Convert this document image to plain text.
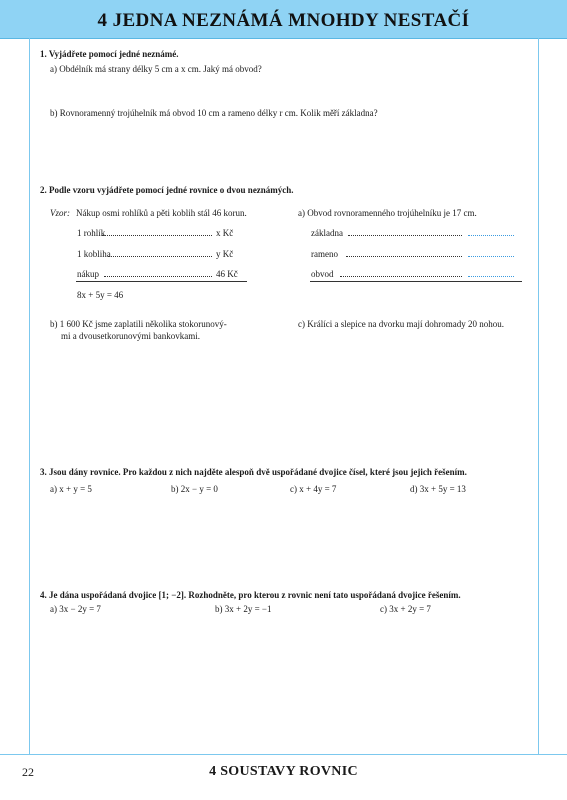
4 JEDNA NEZNÁMÁ MNOHDY NESTAČÍ
1. Vyjádřete pomocí jedné neznámé.
a) Obdélník má strany délky 5 cm a x cm. Jaký má obvod?
b) Rovnoramenný trojúhelník má obvod 10 cm a rameno délky r cm. Kolik měří základna?
2. Podle vzoru vyjádřete pomocí jedné rovnice o dvou neznámých.
Vzor: Nákup osmi rohlíků a pěti koblih stál 46 korun.
1 rohlík	x Kč
1 kobliha	y Kč
nákup	46 Kč
8x + 5y = 46
a) Obvod rovnoramenného trojúhelníku je 17 cm.
základna
rameno
obvod
b) 1 600 Kč jsme zaplatili několika stokorunový-
mi a dvousetkorunovými bankovkami.
c) Králíci a slepice na dvorku mají dohromady 20 nohou.
3. Jsou dány rovnice. Pro každou z nich najděte alespoň dvě uspořádané dvojice čísel, které jsou jejich řešením.
a) x + y = 5	b) 2x − y = 0	c) x + 4y = 7	d) 3x + 5y = 13
4. Je dána uspořádaná dvojice [1; −2]. Rozhodněte, pro kterou z rovnic není tato uspořádaná dvojice řešením.
a) 3x − 2y = 7	b) 3x + 2y = −1	c) 3x + 2y = 7
22	4 SOUSTAVY ROVNIC
